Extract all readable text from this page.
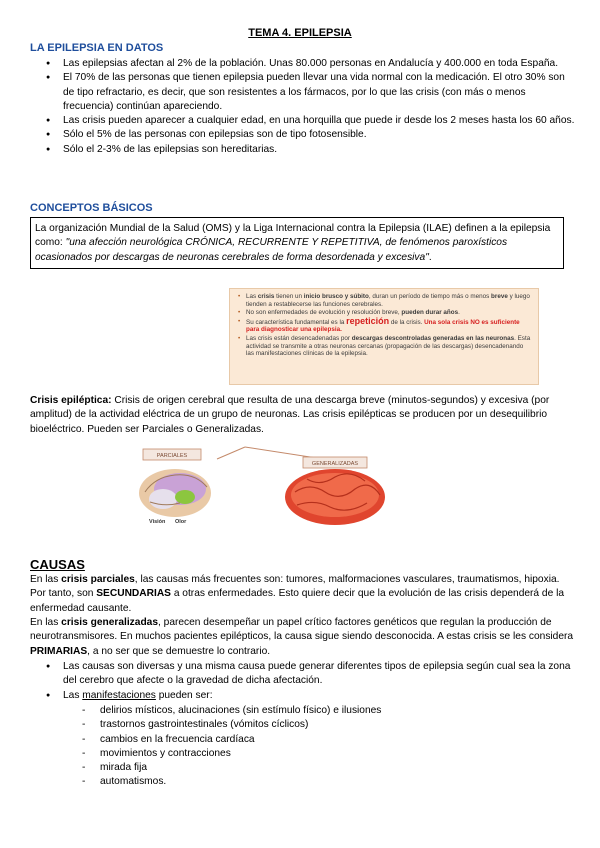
TEMA 4. EPILEPSIA
LA EPILEPSIA EN DATOS
● Las epilepsias afectan al 2% de la población. Unas 80.000 personas en Andalucía y 400.000 en toda España.
● El 70% de las personas que tienen epilepsia pueden llevar una vida normal con la medicación. El otro 30% son de tipo refractario, es decir, que son resistentes a los fármacos, por lo que las crisis (con más o menos frecuencia) continúan apareciendo.
● Las crisis pueden aparecer a cualquier edad, en una horquilla que puede ir desde los 2 meses hasta los 60 años.
● Sólo el 5% de las personas con epilepsias son de tipo fotosensible.
● Sólo el 2-3% de las epilepsias son hereditarias.
CONCEPTOS BÁSICOS
La organización Mundial de la Salud (OMS) y la Liga Internacional contra la Epilepsia (ILAE) definen a la epilepsia como: "una afección neurológica CRÓNICA, RECURRENTE Y REPETITIVA, de fenómenos paroxísticos ocasionados por descargas de neuronas cerebrales de forma desordenada y excesiva".
• Las crisis tienen un inicio brusco y súbito, duran un período de tiempo más o menos breve y luego tienden a restablecerse las funciones cerebrales.
• No son enfermedades de evolución y resolución breve, pueden durar años.
• Su característica fundamental es la repetición de la crisis. Una sola crisis NO es suficiente para diagnosticar una epilepsia.
• Las crisis están desencadenadas por descargas descontroladas generadas en las neuronas. Esta actividad se transmite a otras neuronas cercanas (propagación de las descargas) desencadenando las manifestaciones clínicas de la epilepsia.
Crisis epiléptica: Crisis de origen cerebral que resulta de una descarga breve (minutos-segundos) y excesiva (por amplitud) de la actividad eléctrica de un grupo de neuronas. Las crisis epilépticas se producen por un desequilibrio bioeléctrico. Pueden ser Parciales o Generalizadas.
PARCIALES
GENERALIZADAS
Visión Olor
CAUSAS
En las crisis parciales, las causas más frecuentes son: tumores, malformaciones vasculares, traumatismos, hipoxia. Por tanto, son SECUNDARIAS a otras enfermedades. Esto quiere decir que la evolución de las crisis dependerá de la enfermedad causante.
En las crisis generalizadas, parecen desempeñar un papel crítico factores genéticos que regulan la producción de neurotransmisores. En muchos pacientes epilépticos, la causa sigue siendo desconocida. A estas crisis se les considera PRIMARIAS, a no ser que se demuestre lo contrario.
● Las causas son diversas y una misma causa puede generar diferentes tipos de epilepsia según cual sea la zona del cerebro que afecte o la gravedad de dicha afectación.
● Las manifestaciones pueden ser:
- delirios místicos, alucinaciones (sin estímulo físico) e ilusiones
- trastornos gastrointestinales (vómitos cíclicos)
- cambios en la frecuencia cardíaca
- movimientos y contracciones
- mirada fija
- automatismos.
